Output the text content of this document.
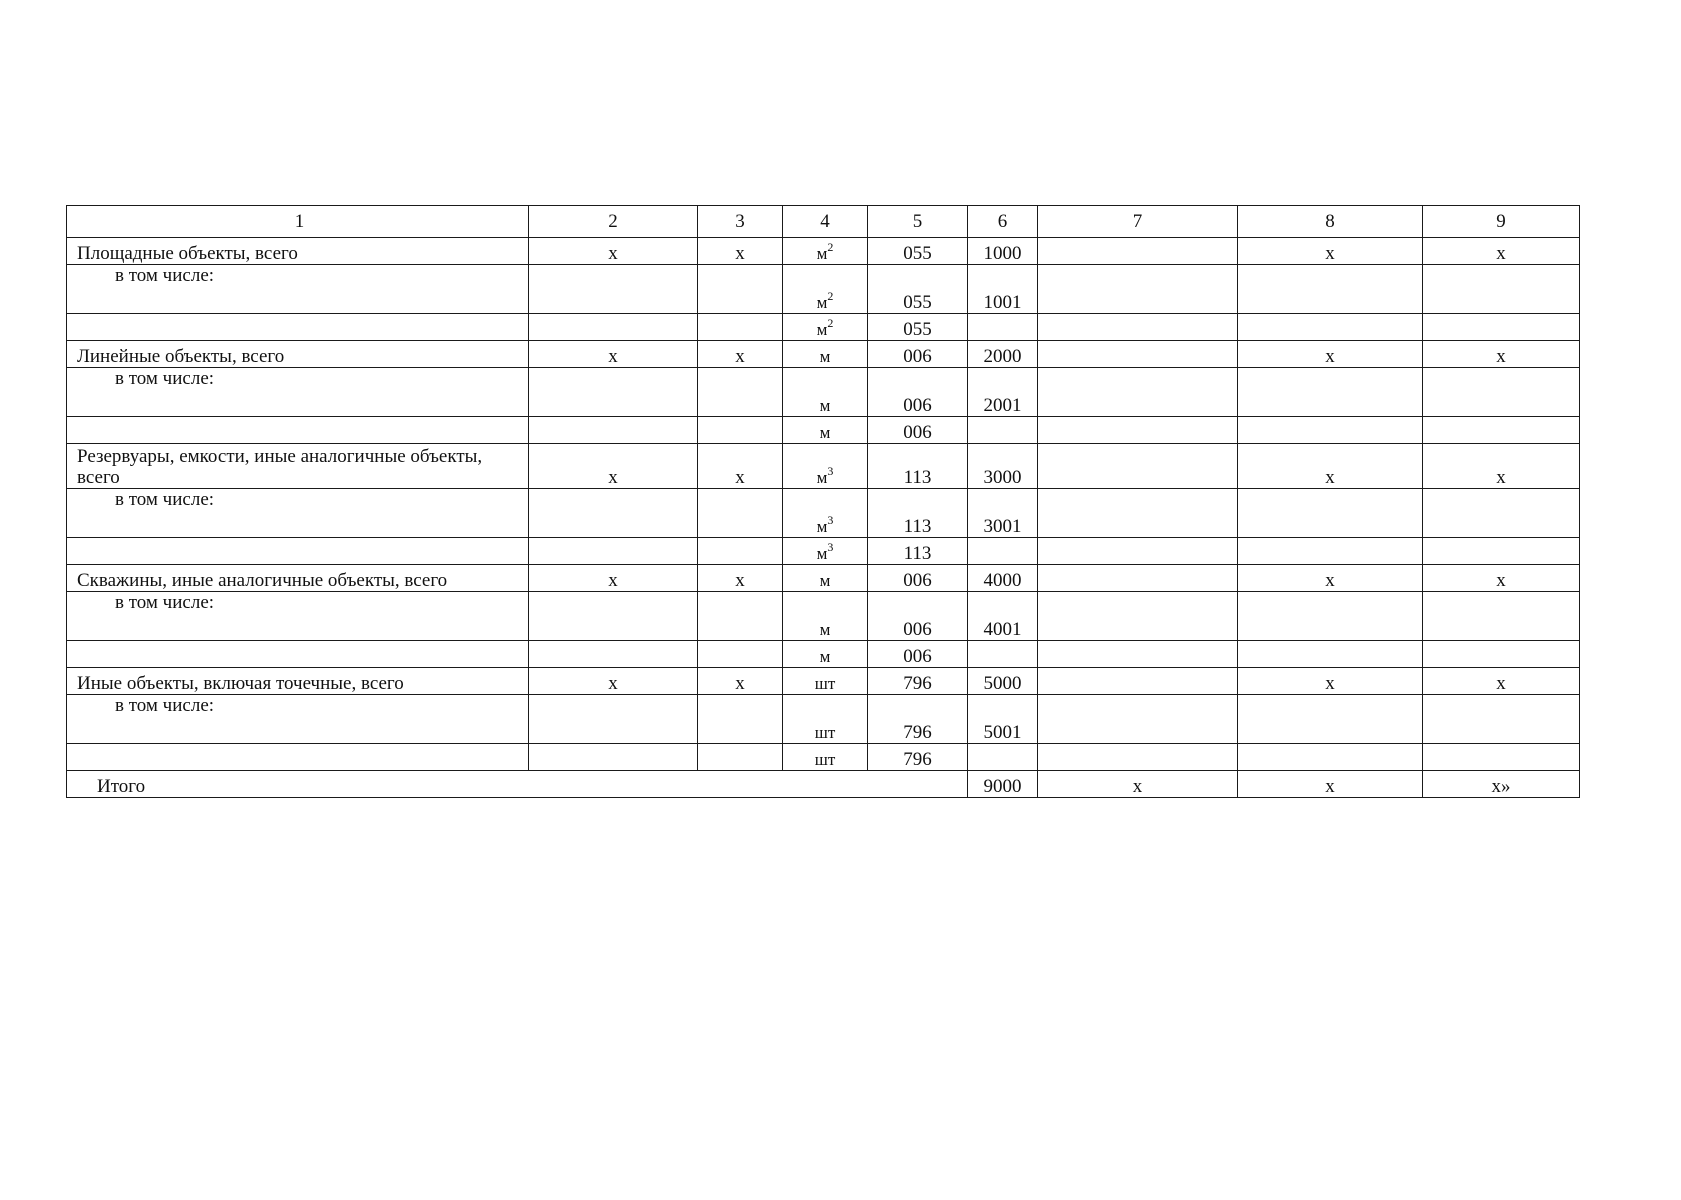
1	2	3	4	5	6	7	8	9
Площадные объекты, всего	х	х	$м^2$	055	1000		х	х
в том числе:			$м^2$	055	1001			
			$м^2$	055				
Линейные объекты, всего	х	х	м	006	2000		х	х
в том числе:			м	006	2001			
			м	006				
Резервуары, емкости, иные аналогичные объекты, всего	х	х	$м^3$	113	3000		х	х
в том числе:			$м^3$	113	3001			
			$м^3$	113				
Скважины, иные аналогичные объекты, всего	х	х	м	006	4000		х	х
в том числе:			м	006	4001			
			м	006				
Иные объекты, включая точечные, всего	х	х	шт	796	5000		х	х
в том числе:			шт	796	5001			
			шт	796				
Итого					9000	х	х	х»
